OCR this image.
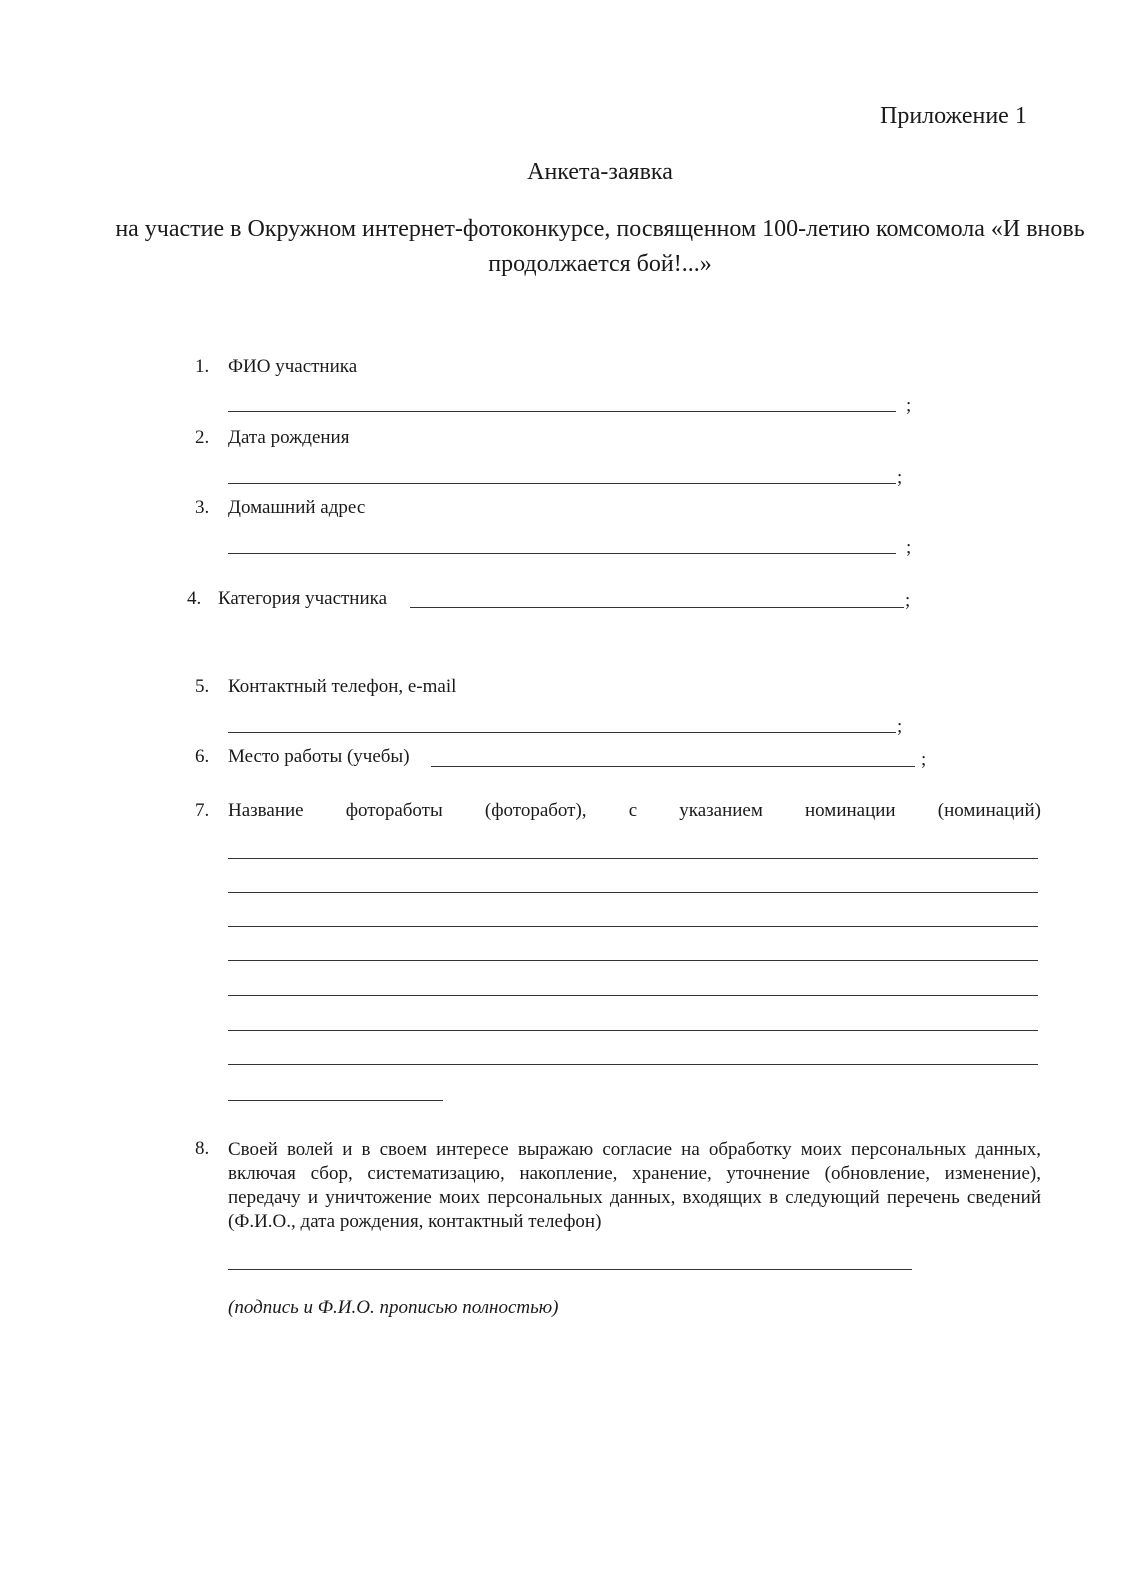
Приложение 1
Анкета-заявка
на участие в Окружном интернет-фотоконкурсе, посвященном 100-летию комсомола «И вновь продолжается бой!...»
1. ФИО участника
;
2. Дата рождения
;
3. Домашний адрес
;
4. Категория участника	;
5. Контактный телефон, e-mail
;
6. Место работы (учебы)	;
7. Название фотоработы (фоторабот), с указанием номинации (номинаций)
8. Своей волей и в своем интересе выражаю согласие на обработку моих персональных данных, включая сбор, систематизацию, накопление, хранение, уточнение (обновление, изменение), передачу и уничтожение моих персональных данных, входящих в следующий перечень сведений (Ф.И.О., дата рождения, контактный телефон)
(подпись и Ф.И.О. прописью полностью)
